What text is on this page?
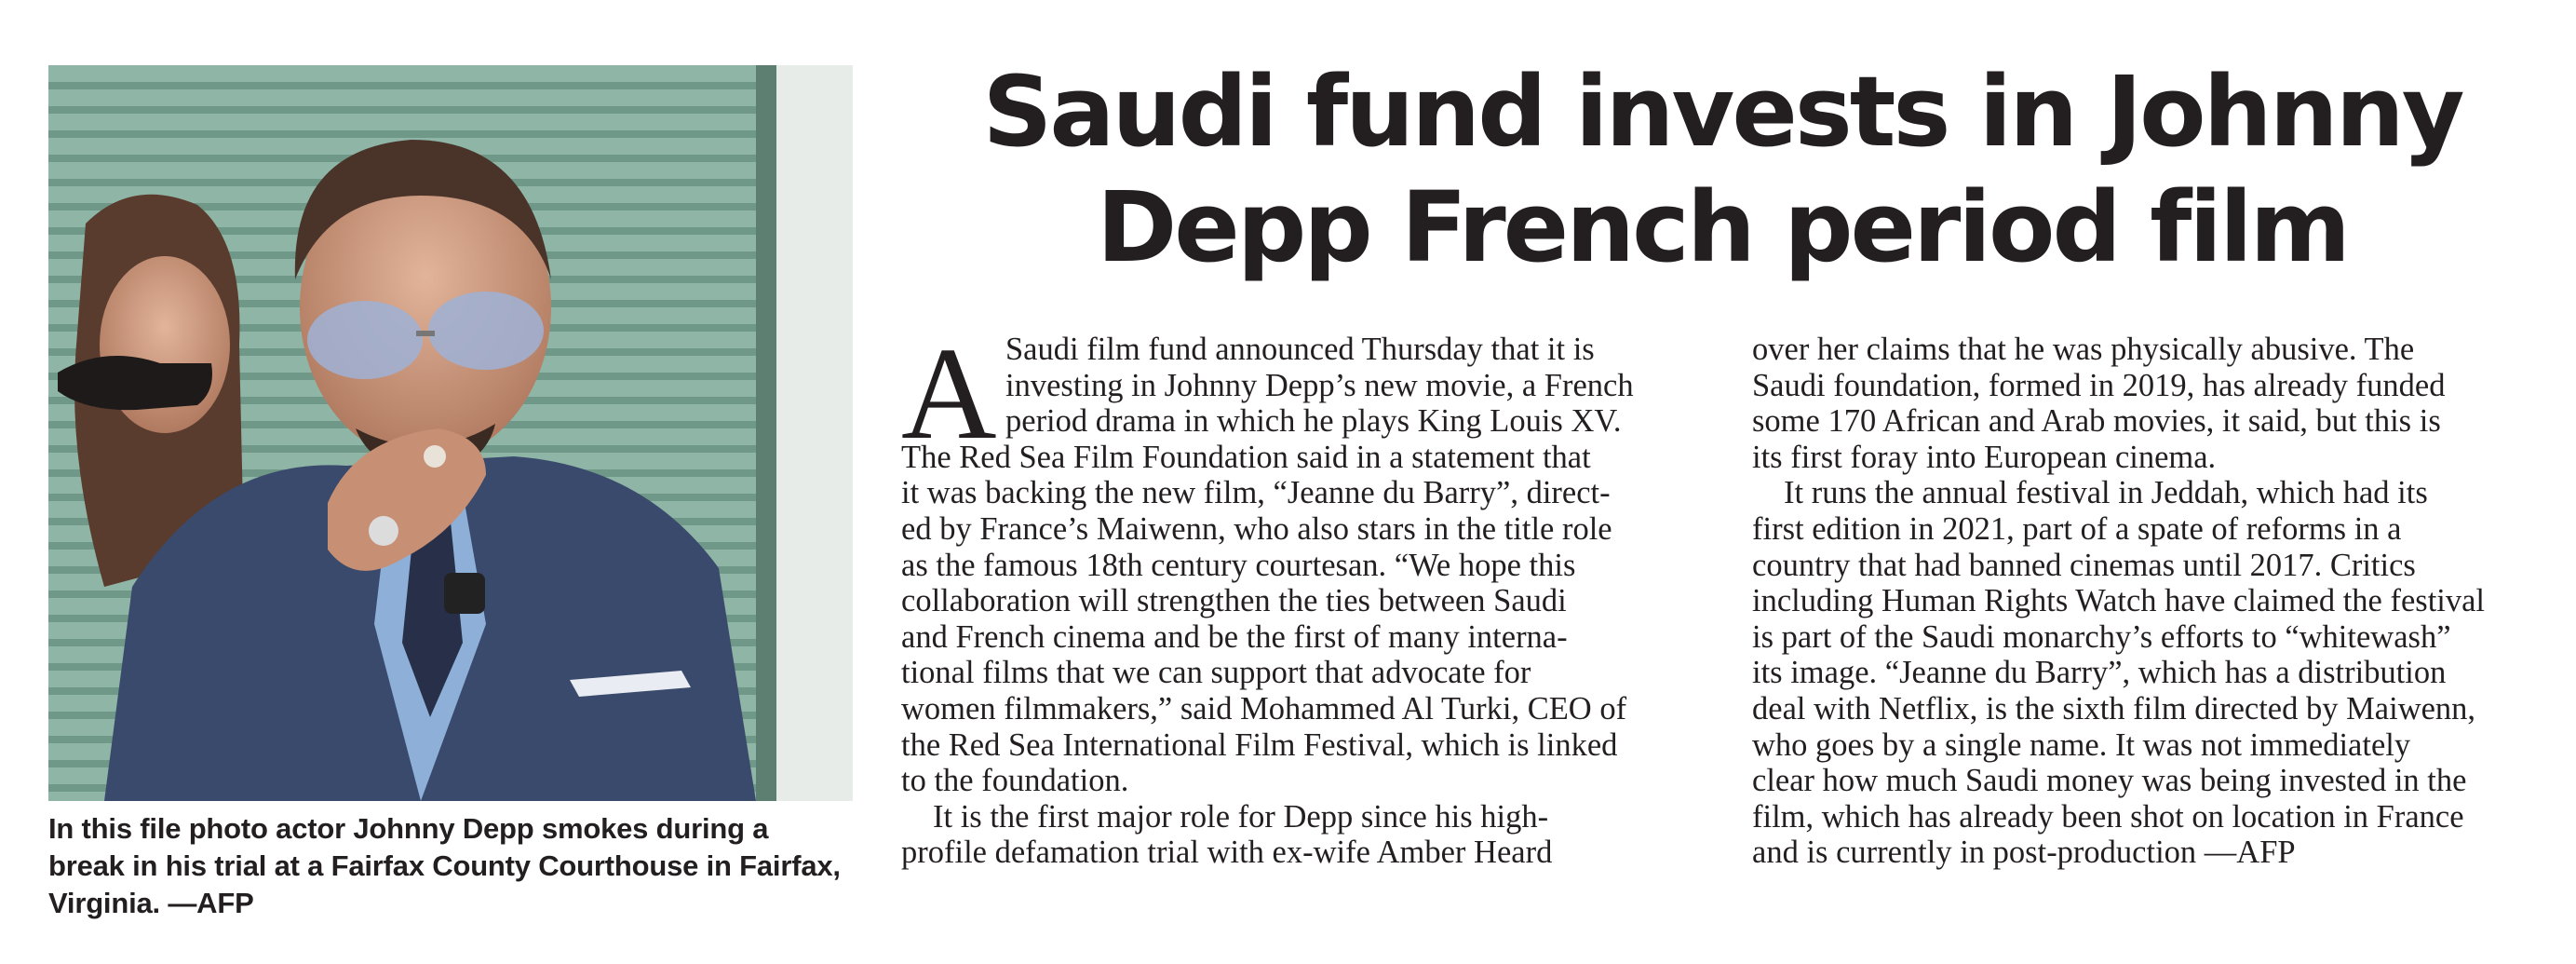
In this file photo actor Johnny Depp smokes during a
break in his trial at a Fairfax County Courthouse in Fairfax,
Virginia. —AFP
Saudi fund invests in Johnny
Depp French period film
A Saudi film fund announced Thursday that it is
investing in Johnny Depp’s new movie, a French
period drama in which he plays King Louis XV.
The Red Sea Film Foundation said in a statement that
it was backing the new film, “Jeanne du Barry”, direct-
ed by France’s Maiwenn, who also stars in the title role
as the famous 18th century courtesan. “We hope this
collaboration will strengthen the ties between Saudi
and French cinema and be the first of many interna-
tional films that we can support that advocate for
women filmmakers,” said Mohammed Al Turki, CEO of
the Red Sea International Film Festival, which is linked
to the foundation.
It is the first major role for Depp since his high-
profile defamation trial with ex-wife Amber Heard
over her claims that he was physically abusive. The
Saudi foundation, formed in 2019, has already funded
some 170 African and Arab movies, it said, but this is
its first foray into European cinema.
It runs the annual festival in Jeddah, which had its
first edition in 2021, part of a spate of reforms in a
country that had banned cinemas until 2017. Critics
including Human Rights Watch have claimed the festival
is part of the Saudi monarchy’s efforts to “whitewash”
its image. “Jeanne du Barry”, which has a distribution
deal with Netflix, is the sixth film directed by Maiwenn,
who goes by a single name. It was not immediately
clear how much Saudi money was being invested in the
film, which has already been shot on location in France
and is currently in post-production —AFP
